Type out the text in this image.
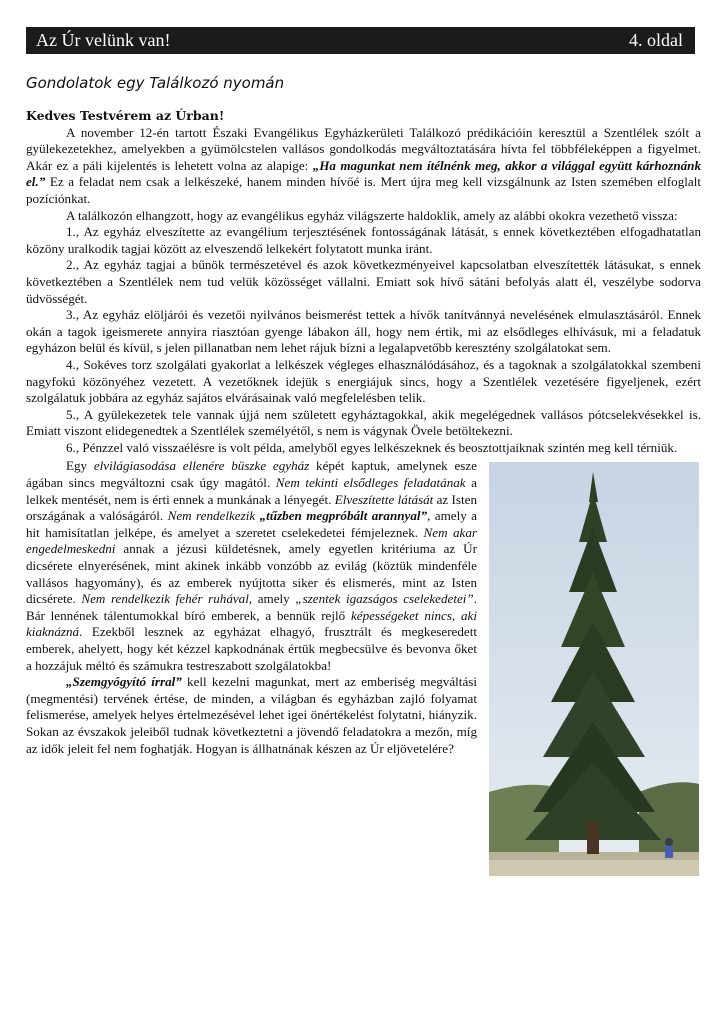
Az Úr velünk van!	4. oldal
Gondolatok egy Találkozó nyomán

Kedves Testvérem az Úrban!

A november 12-én tartott Északi Evangélikus Egyházkerületi Találkozó prédikációin keresztül a Szentlélek szólt a gyülekezetekhez, amelyekben a gyümölcstelen vallásos gondolkodás megváltoztatására hívta fel többféleképpen a figyelmet. Akár ez a páli kijelentés is lehetett volna az alapige: „Ha magunkat nem ítélnénk meg, akkor a világgal együtt kárhoznánk el.” Ez a feladat nem csak a lelkészeké, hanem minden hívőé is. Mert újra meg kell vizsgálnunk az Isten szemében elfoglalt pozíciónkat.

A találkozón elhangzott, hogy az evangélikus egyház világszerte haldoklik, amely az alábbi okokra vezethető vissza:

1., Az egyház elveszítette az evangélium terjesztésének fontosságának látását, s ennek következtében elfogadhatatlan közöny uralkodik tagjai között az elveszendő lelkekért folytatott munka iránt.

2., Az egyház tagjai a bűnök természetével és azok következményeivel kapcsolatban elveszítették látásukat, s ennek következtében a Szentlélek nem tud velük közösséget vállalni. Emiatt sok hívő sátáni befolyás alatt él, veszélybe sodorva üdvösségét.

3., Az egyház elöljárói és vezetői nyilvános beismerést tettek a hívők tanítvánnyá nevelésének elmulasztásáról. Ennek okán a tagok igeismerete annyira riasztóan gyenge lábakon áll, hogy nem értik, mi az elsődleges elhívásuk, mi a feladatuk egyházon belül és kívül, s jelen pillanatban nem lehet rájuk bízni a legalapvetőbb keresztény szolgálatokat sem.

4., Sokéves torz szolgálati gyakorlat a lelkészek végleges elhasználódásához, és a tagoknak a szolgálatokkal szembeni nagyfokú közönyéhez vezetett. A vezetőknek idejük s energiájuk sincs, hogy a Szentlélek vezetésére figyeljenek, ezért szolgálatuk jobbára az egyház sajátos elvárásainak való megfelelésben telik.

5., A gyülekezetek tele vannak újjá nem született egyháztagokkal, akik megelégednek vallásos pótcselekvésekkel is. Emiatt viszont elidegenedtek a Szentlélek személyétől, s nem is vágynak Övele betöltekezni.

6., Pénzzel való visszaélésre is volt példa, amelyből egyes lelkészeknek és beosztottjaiknak szintén meg kell térniük.

Egy elvilágiasodása ellenére büszke egyház képét kaptuk, amelynek esze ágában sincs megváltozni csak úgy magától. Nem tekinti elsődleges feladatának a lelkek mentését, nem is érti ennek a munkának a lényegét. Elveszítette látását az Isten országának a valóságáról. Nem rendelkezik „tűzben megpróbált arannyal”, amely a hit hamisítatlan jelképe, és amelyet a szeretet cselekedetei fémjeleznek. Nem akar engedelmeskedni annak a jézusi küldetésnek, amely egyetlen kritériuma az Úr dicsérete elnyerésének, mint akinek inkább vonzóbb az evilág (köztük mindenféle vallásos hagyomány), és az emberek nyújtotta siker és elismerés, mint az Isten dicsérete. Nem rendelkezik fehér ruhával, amely „szentek igazságos cselekedetei”. Bár lennének tálentumokkal bíró emberek, a bennük rejlő képességeket nincs, aki kiaknázná. Ezekből lesznek az egyházat elhagyó, frusztrált és megkeseredett emberek, ahelyett, hogy két kézzel kapkodnának értük megbecsülve és bevonva őket a hozzájuk méltó és számukra testreszabott szolgálatokba!

„Szemgyógyító írral” kell kezelni magunkat, mert az emberiség megváltási (megmentési) tervének értése, de minden, a világban és egyházban zajló folyamat felismerése, amelyek helyes értelmezésével lehet igei önértékelést folytatni, hiányzik. Sokan az évszakok jeleiből tudnak következtetni a jövendő feladatokra a mezőn, míg az idők jeleit fel nem foghatják. Hogyan is állhatnának készen az Úr eljövetelére?
